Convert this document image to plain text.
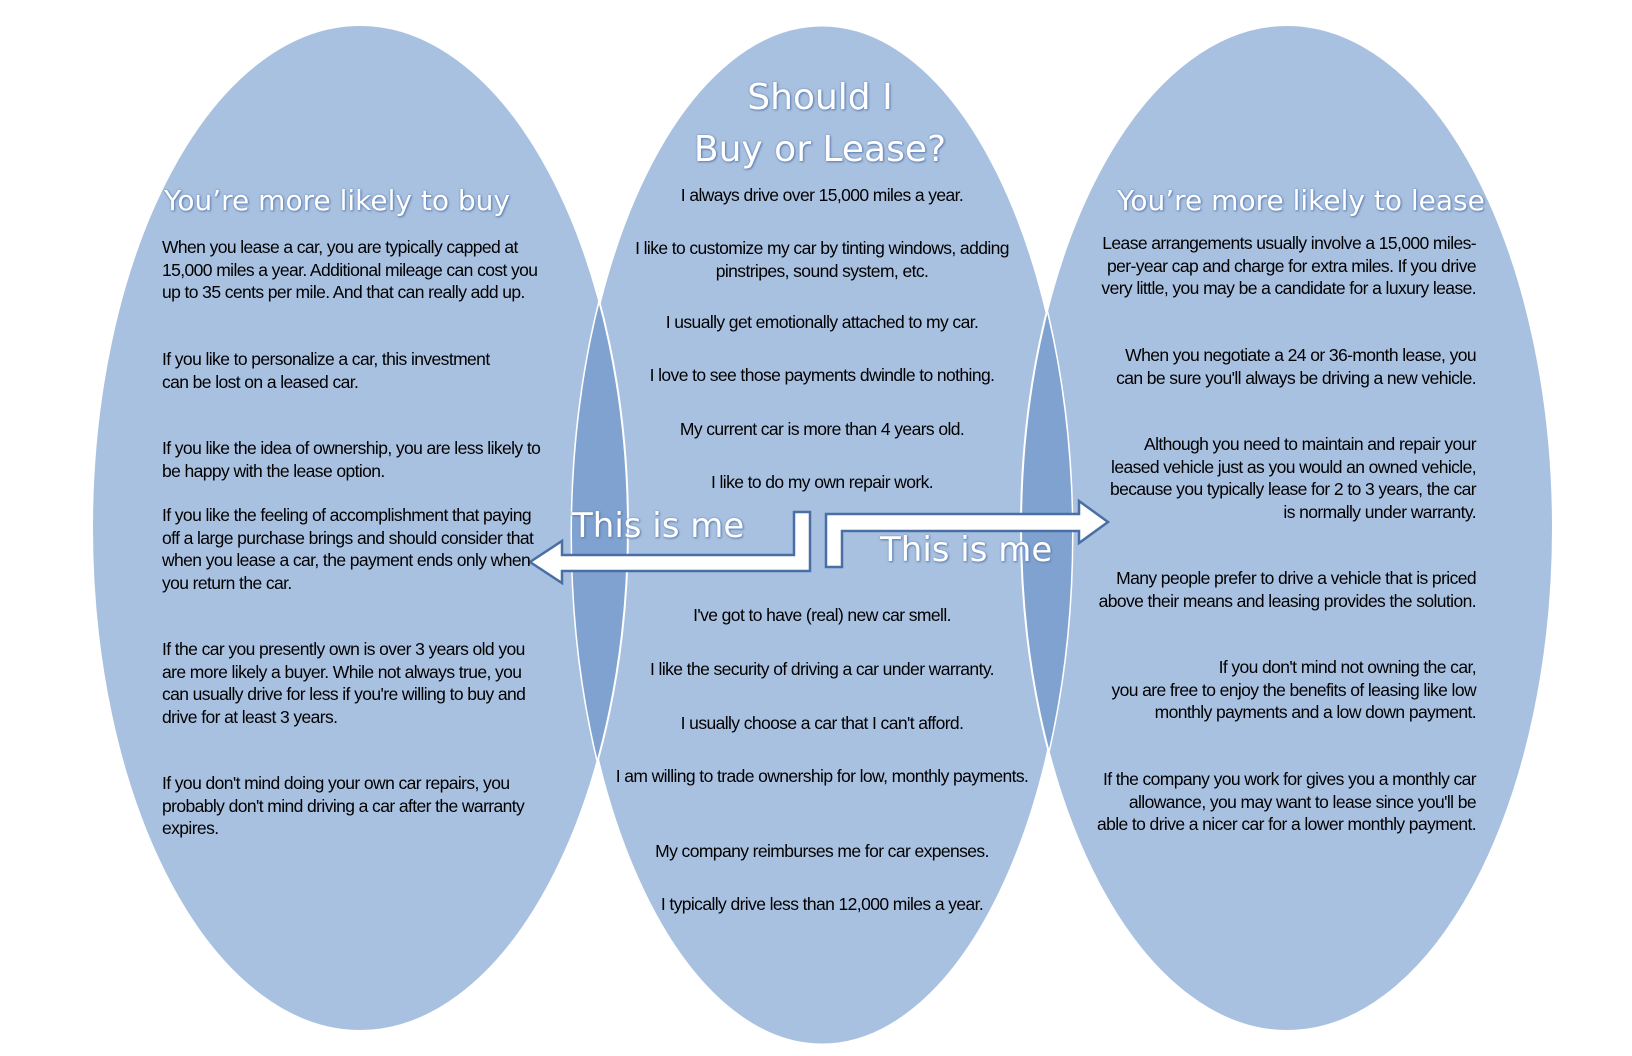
Should I
Buy or Lease?
You’re more likely to buy	You’re more likely to lease

When you lease a car, you are typically capped at 15,000 miles a year. Additional mileage can cost you up to 35 cents per mile. And that can really add up.

If you like to personalize a car, this investment
can be lost on a leased car.

If you like the idea of ownership, you are less likely to be happy with the lease option.

If you like the feeling of accomplishment that paying off a large purchase brings and should consider that when you lease a car, the payment ends only when you return the car.

If the car you presently own is over 3 years old you are more likely a buyer. While not always true, you can usually drive for less if you're willing to buy and drive for at least 3 years.

If you don't mind doing your own car repairs, you probably don't mind driving a car after the warranty expires.

I always drive over 15,000 miles a year.

I like to customize my car by tinting windows, adding pinstripes, sound system, etc.

I usually get emotionally attached to my car.

I love to see those payments dwindle to nothing.

My current car is more than 4 years old.

I like to do my own repair work.

I've got to have (real) new car smell.

I like the security of driving a car under warranty.

I usually choose a car that I can't afford.

I am willing to trade ownership for low, monthly payments.

My company reimburses me for car expenses.

I typically drive less than 12,000 miles a year.

Lease arrangements usually involve a 15,000 miles-per-year cap and charge for extra miles. If you drive very little, you may be a candidate for a luxury lease.

When you negotiate a 24 or 36-month lease, you can be sure you'll always be driving a new vehicle.

Although you need to maintain and repair your leased vehicle just as you would an owned vehicle,
because you typically lease for 2 to 3 years, the car is normally under warranty.

Many people prefer to drive a vehicle that is priced above their means and leasing provides the solution.

If you don't mind not owning the car,
you are free to enjoy the benefits of leasing like low monthly payments and a low down payment.

If the company you work for gives you a monthly car allowance, you may want to lease since you'll be able to drive a nicer car for a lower monthly payment.

This is me
This is me
